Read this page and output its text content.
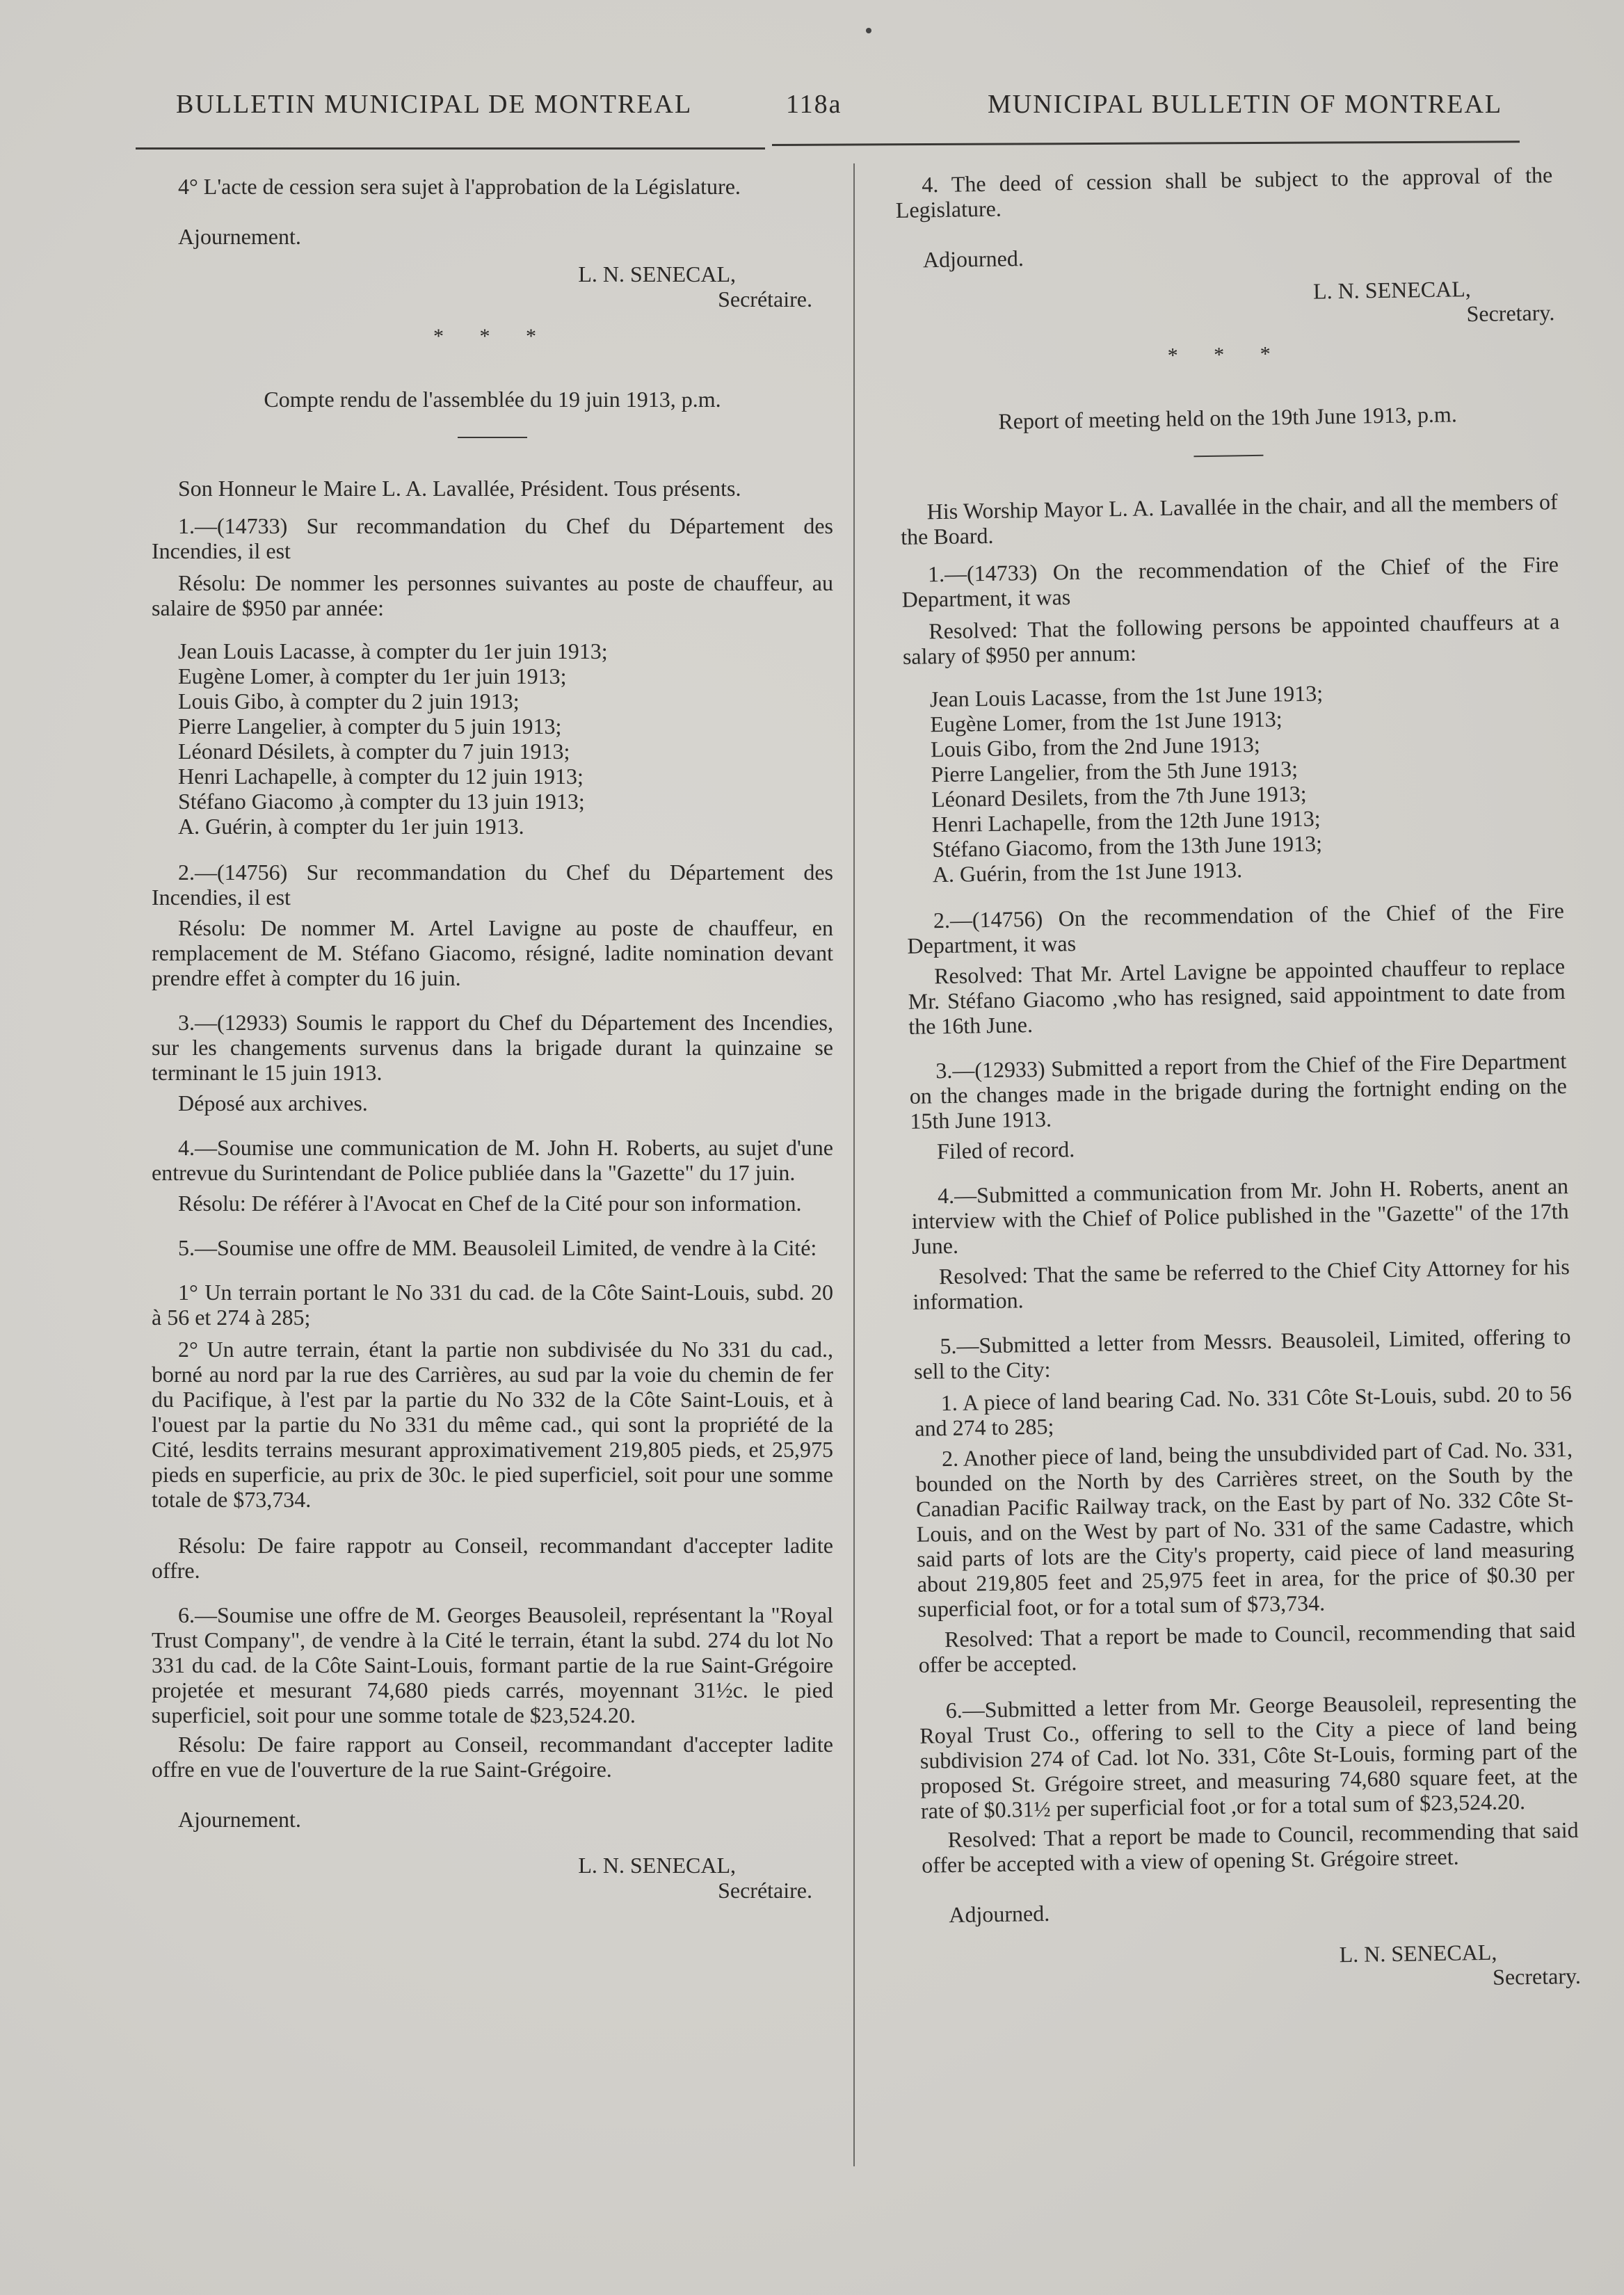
BULLETIN MUNICIPAL DE MONTREAL	118a	MUNICIPAL BULLETIN OF MONTREAL

4° L'acte de cession sera sujet à l'approbation de la Législature.

Ajournement.

L. N. SENECAL,

Secrétaire.

* * *

Compte rendu de l'assemblée du 19 juin 1913, p.m.

Son Honneur le Maire L. A. Lavallée, Président. Tous présents.

1.—(14733) Sur recommandation du Chef du Département des Incendies, il est

Résolu: De nommer les personnes suivantes au poste de chauffeur, au salaire de $950 par année:

Jean Louis Lacasse, à compter du 1er juin 1913;

Eugène Lomer, à compter du 1er juin 1913;

Louis Gibo, à compter du 2 juin 1913;

Pierre Langelier, à compter du 5 juin 1913;

Léonard Désilets, à compter du 7 juin 1913;

Henri Lachapelle, à compter du 12 juin 1913;

Stéfano Giacomo ,à compter du 13 juin 1913;

A. Guérin, à compter du 1er juin 1913.

2.—(14756) Sur recommandation du Chef du Département des Incendies, il est

Résolu: De nommer M. Artel Lavigne au poste de chauffeur, en remplacement de M. Stéfano Giacomo, résigné, ladite nomination devant prendre effet à compter du 16 juin.

3.—(12933) Soumis le rapport du Chef du Département des Incendies, sur les changements survenus dans la brigade durant la quinzaine se terminant le 15 juin 1913.

Déposé aux archives.

4.—Soumise une communication de M. John H. Roberts, au sujet d'une entrevue du Surintendant de Police publiée dans la "Gazette" du 17 juin.

Résolu: De référer à l'Avocat en Chef de la Cité pour son information.

5.—Soumise une offre de MM. Beausoleil Limited, de vendre à la Cité:

1° Un terrain portant le No 331 du cad. de la Côte Saint-Louis, subd. 20 à 56 et 274 à 285;

2° Un autre terrain, étant la partie non subdivisée du No 331 du cad., borné au nord par la rue des Carrières, au sud par la voie du chemin de fer du Pacifique, à l'est par la partie du No 332 de la Côte Saint-Louis, et à l'ouest par la partie du No 331 du même cad., qui sont la propriété de la Cité, lesdits terrains mesurant approximativement 219,805 pieds, et 25,975 pieds en superficie, au prix de 30c. le pied superficiel, soit pour une somme totale de $73,734.

Résolu: De faire rappotr au Conseil, recommandant d'accepter ladite offre.

6.—Soumise une offre de M. Georges Beausoleil, représentant la "Royal Trust Company", de vendre à la Cité le terrain, étant la subd. 274 du lot No 331 du cad. de la Côte Saint-Louis, formant partie de la rue Saint-Grégoire projetée et mesurant 74,680 pieds carrés, moyennant 31½c. le pied superficiel, soit pour une somme totale de $23,524.20.

Résolu: De faire rapport au Conseil, recommandant d'accepter ladite offre en vue de l'ouverture de la rue Saint-Grégoire.

Ajournement.

L. N. SENECAL,

Secrétaire.

4. The deed of cession shall be subject to the approval of the Legislature.

Adjourned.

L. N. SENECAL,

Secretary.

* * *

Report of meeting held on the 19th June 1913, p.m.

His Worship Mayor L. A. Lavallée in the chair, and all the members of the Board.

1.—(14733) On the recommendation of the Chief of the Fire Department, it was

Resolved: That the following persons be appointed chauffeurs at a salary of $950 per annum:

Jean Louis Lacasse, from the 1st June 1913;

Eugène Lomer, from the 1st June 1913;

Louis Gibo, from the 2nd June 1913;

Pierre Langelier, from the 5th June 1913;

Léonard Desilets, from the 7th June 1913;

Henri Lachapelle, from the 12th June 1913;

Stéfano Giacomo, from the 13th June 1913;

A. Guérin, from the 1st June 1913.

2.—(14756) On the recommendation of the Chief of the Fire Department, it was

Resolved: That Mr. Artel Lavigne be appointed chauffeur to replace Mr. Stéfano Giacomo ,who has resigned, said appointment to date from the 16th June.

3.—(12933) Submitted a report from the Chief of the Fire Department on the changes made in the brigade during the fortnight ending on the 15th June 1913.

Filed of record.

4.—Submitted a communication from Mr. John H. Roberts, anent an interview with the Chief of Police published in the "Gazette" of the 17th June.

Resolved: That the same be referred to the Chief City Attorney for his information.

5.—Submitted a letter from Messrs. Beausoleil, Limited, offering to sell to the City:

1. A piece of land bearing Cad. No. 331 Côte St-Louis, subd. 20 to 56 and 274 to 285;

2. Another piece of land, being the unsubdivided part of Cad. No. 331, bounded on the North by des Carrières street, on the South by the Canadian Pacific Railway track, on the East by part of No. 332 Côte St-Louis, and on the West by part of No. 331 of the same Cadastre, which said parts of lots are the City's property, caid piece of land measuring about 219,805 feet and 25,975 feet in area, for the price of $0.30 per superficial foot, or for a total sum of $73,734.

Resolved: That a report be made to Council, recommending that said offer be accepted.

6.—Submitted a letter from Mr. George Beausoleil, representing the Royal Trust Co., offering to sell to the City a piece of land being subdivision 274 of Cad. lot No. 331, Côte St-Louis, forming part of the proposed St. Grégoire street, and measuring 74,680 square feet, at the rate of $0.31½ per superficial foot ,or for a total sum of $23,524.20.

Resolved: That a report be made to Council, recommending that said offer be accepted with a view of opening St. Grégoire street.

Adjourned.

L. N. SENECAL,

Secretary.
